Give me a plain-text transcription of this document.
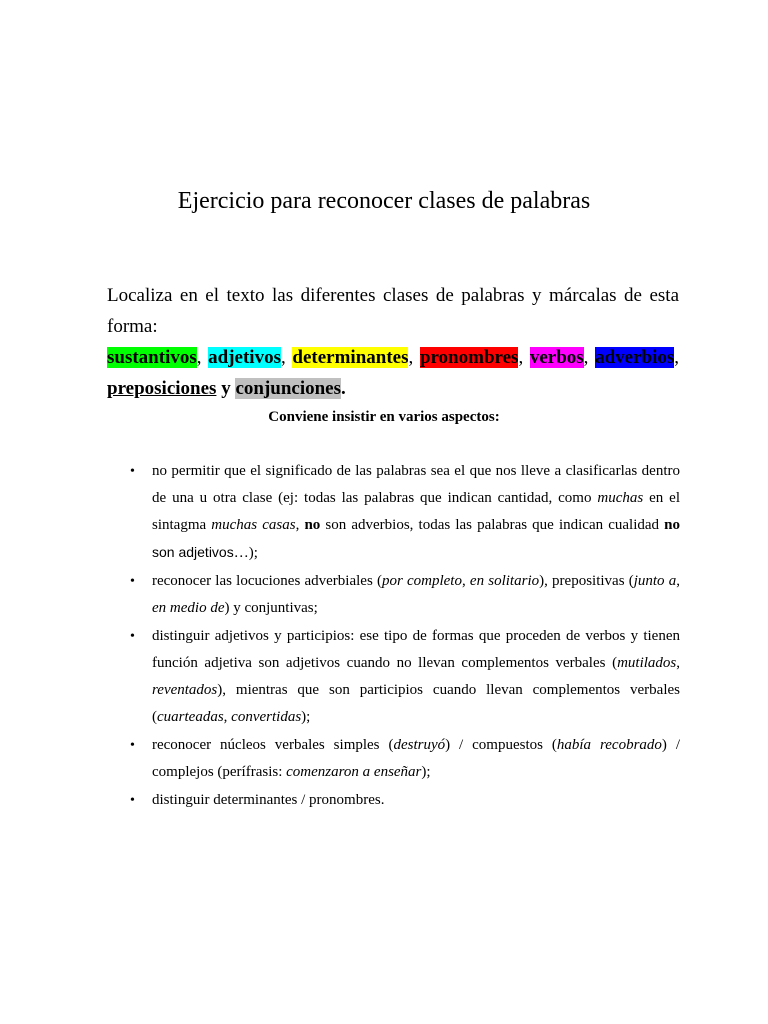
Ejercicio para reconocer clases de palabras
Localiza en el texto las diferentes clases de palabras y márcalas de esta forma:
sustantivos, adjetivos, determinantes, pronombres, verbos, adverbios,
preposiciones y conjunciones.
Conviene insistir en varios aspectos:
• no permitir que el significado de las palabras sea el que nos lleve a clasificarlas dentro
de una u otra clase (ej: todas las palabras que indican cantidad, como muchas en el
sintagma muchas casas, no son adverbios, todas las palabras que indican cualidad no
son adjetivos…);
• reconocer las locuciones adverbiales (por completo, en solitario), prepositivas (junto a,
en medio de) y conjuntivas;
• distinguir adjetivos y participios: ese tipo de formas que proceden de verbos y tienen
función adjetiva son adjetivos cuando no llevan complementos verbales (mutilados,
reventados), mientras que son participios cuando llevan complementos verbales
(cuarteadas, convertidas);
• reconocer núcleos verbales simples (destruyó) / compuestos (había recobrado) /
complejos (perífrasis: comenzaron a enseñar);
• distinguir determinantes / pronombres.
